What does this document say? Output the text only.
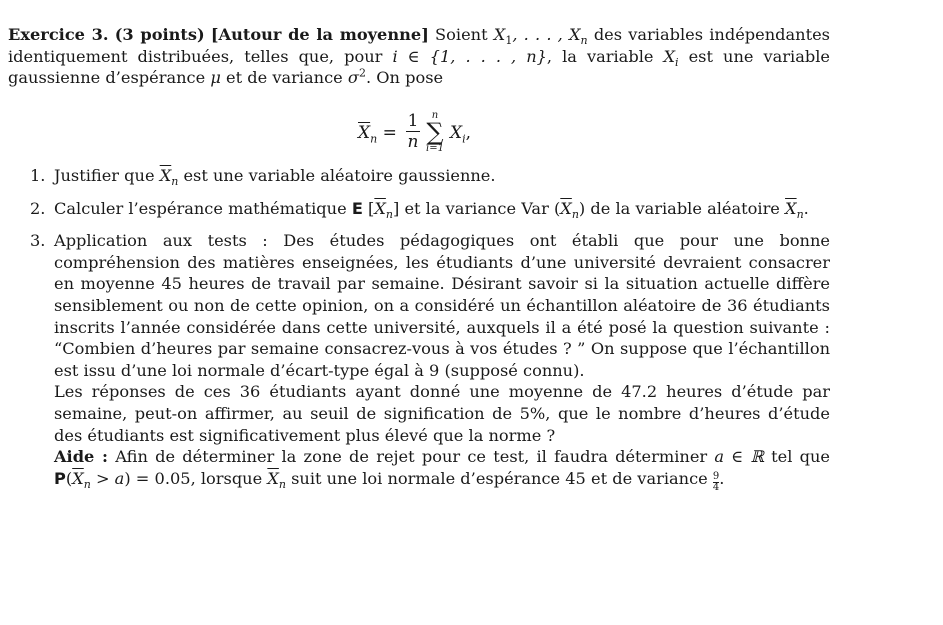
Exercice 3. (3 points) [Autour de la moyenne] Soient $X_1$, . . . , $X_n$ des variables indépendantes identiquement distribuées, telles que, pour i ∈ {1, . . . , n}, la variable $X_i$ est une variable gaussienne d’espérance μ et de variance $\sigma^2$. On pose
$\overline{X}_n = \frac{1}{n}$	n
∑
i=1
$X_i$,
1. Justifier que $\overline{X}_n$ est une variable aléatoire gaussienne.
2. Calculer l’espérance mathématique E $[\overline{X}_n]$ et la variance Var $(\overline{X}_n)$ de la variable aléatoire $\overline{X}_n$.
3. Application aux tests : Des études pédagogiques ont établi que pour une bonne compréhension des matières enseignées, les étudiants d’une université devraient consacrer en moyenne 45 heures de travail par semaine. Désirant savoir si la situation actuelle diffère sensiblement ou non de cette opinion, on a considéré un échantillon aléatoire de 36 étudiants inscrits l’année considérée dans cette université, auxquels il a été posé la question suivante : “Combien d’heures par semaine consacrez-vous à vos études ? ” On suppose que l’échantillon est issu d’une loi normale d’écart-type égal à 9 (supposé connu).
Les réponses de ces 36 étudiants ayant donné une moyenne de 47.2 heures d’étude par semaine, peut-on affirmer, au seuil de signification de 5%, que le nombre d’heures d’étude des étudiants est significativement plus élevé que la norme ?
Aide : Afin de déterminer la zone de rejet pour ce test, il faudra déterminer a ∈ ℝ tel que $P(\overline{X}_n > a) = 0.05$, lorsque $\overline{X}_n$ suit une loi normale d’espérance 45 et de variance $\frac{9}{4}$ .
